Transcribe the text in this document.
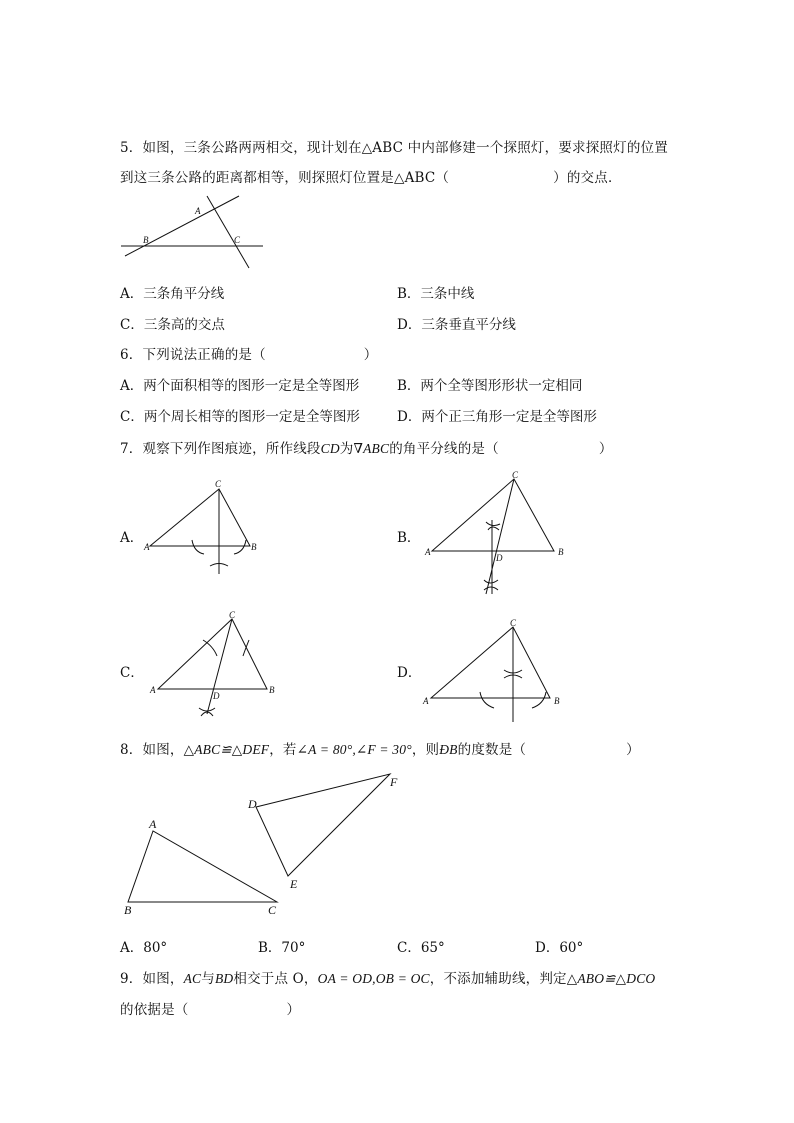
5．如图，三条公路两两相交，现计划在△ABC 中内部修建一个探照灯，要求探照灯的位置
到这三条公路的距离都相等，则探照灯位置是△ABC（	）的交点．
A
B	C
A．三条角平分线	B．三条中线
C．三条高的交点	D．三条垂直平分线
6．下列说法正确的是（	）
A．两个面积相等的图形一定是全等图形	B．两个全等图形形状一定相同
C．两个周长相等的图形一定是全等图形	D．两个正三角形一定是全等图形
7．观察下列作图痕迹，所作线段CD为∇ABC的角平分线的是（	）
A．	B．
C．	D．
C
A	B
C
A	B
D
C
A	B
D
C
A	B
8．如图，△ABC≌△DEF，若∠A = 80°,∠F = 30°，则ÐB的度数是（	）
A
B	C
D
E
F
A．80°	B．70°	C．65°	D．60°
9．如图，AC与BD相交于点 O，OA = OD,OB = OC，不添加辅助线，判定△ABO≌△DCO
的依据是（	）
